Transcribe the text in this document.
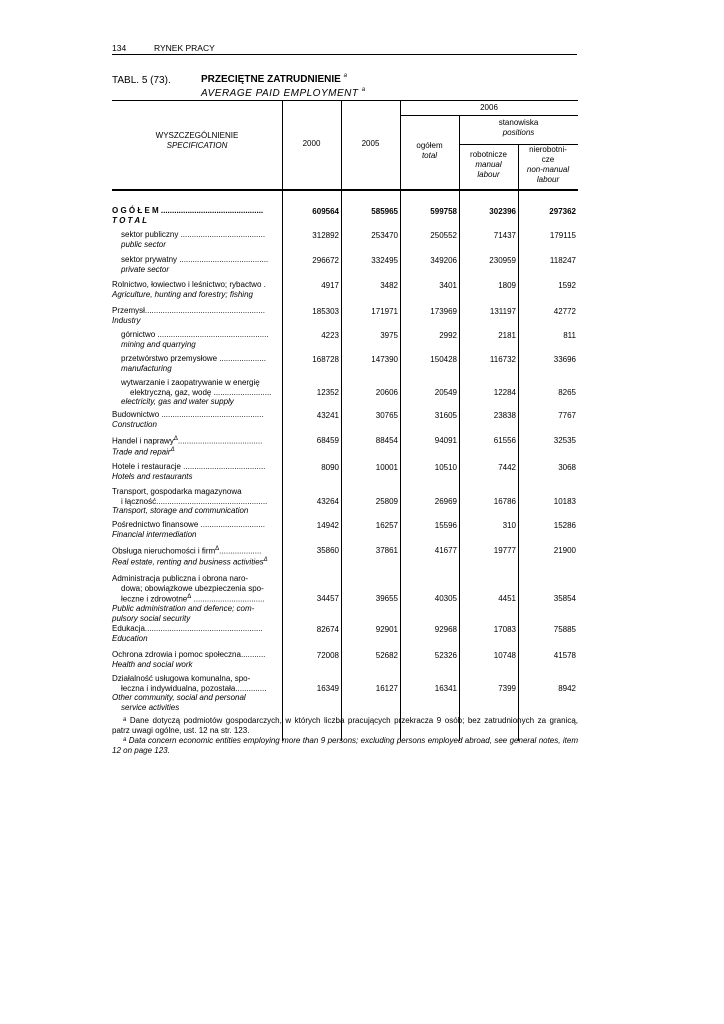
134	RYNEK PRACY
TABL. 5 (73).	PRZECIĘTNE ZATRUDNIENIE $^a$
AVERAGE PAID EMPLOYMENT $^a$
WYSZCZEGÓLNIENIE
SPECIFICATION	2000	2005
2006
ogółem
total
stanowiska
positions
robotnicze
manual labour
nierobotni-cze
non-manual labour
O G Ó Ł E M ..............................................
T O T A L
609564	585965	599758	302396	297362
sektor publiczny ......................................
public sector
312892	253470	250552	71437	179115
sektor prywatny ........................................
private sector
296672	332495	349206	230959	118247
Rolnictwo, łowiectwo i leśnictwo; rybactwo .
Agriculture, hunting and forestry; fishing
4917	3482	3401	1809	1592
Przemysł......................................................
Industry
185303	171971	173969	131197	42772
górnictwo ..................................................
mining and quarrying
4223	3975	2992	2181	811
przetwórstwo przemysłowe .....................
manufacturing
168728	147390	150428	116732	33696
wytwarzanie i zaopatrywanie w energię
elektryczną, gaz, wodę ..........................
electricity, gas and water supply
12352	20606	20549	12284	8265
Budownictwo ..............................................
Construction
43241	30765	31605	23838	7767
Handel i naprawy$^\Delta$......................................
Trade and repair$^\Delta$
68459	88454	94091	61556	32535
Hotele i restauracje .....................................
Hotels and restaurants
8090	10001	10510	7442	3068
Transport, gospodarka magazynowa
i łączność..................................................
Transport, storage and communication
43264	25809	26969	16786	10183
Pośrednictwo finansowe .............................
Financial intermediation
14942	16257	15596	310	15286
Obsługa nieruchomości i firm$^\Delta$...................
Real estate, renting and business activities$^\Delta$
35860	37861	41677	19777	21900
Administracja publiczna i obrona naro-
dowa; obowiązkowe ubezpieczenia spo-
łeczne i zdrowotne$^\Delta$ ................................
Public administration and defence; com-
pulsory social security
34457	39655	40305	4451	35854
Edukacja.....................................................
Education
82674	92901	92968	17083	75885
Ochrona zdrowia i pomoc społeczna...........
Health and social work
72008	52682	52326	10748	41578
Działalność usługowa komunalna, spo-
łeczna i indywidualna, pozostała..............
Other community, social and personal
service activities
16349	16127	16341	7399	8942

$^a$ Dane dotyczą podmiotów gospodarczych, w których liczba pracujących przekracza 9 osób; bez zatrudnionych za granicą, patrz uwagi ogólne, ust. 12 na str. 123.

$^a$ Data concern economic entities employing more than 9 persons; excluding persons employed abroad, see general notes, item 12 on page 123.
